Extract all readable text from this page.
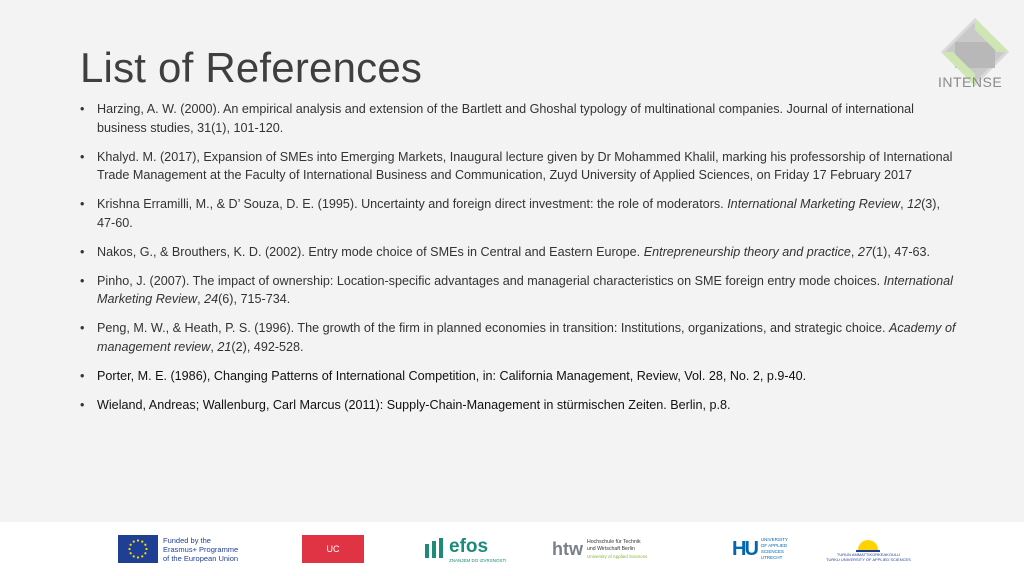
List of References	INTENSE
• Harzing, A. W. (2000). An empirical analysis and extension of the Bartlett and Ghoshal typology of multinational companies. Journal of international business studies, 31(1), 101-120.
• Khalyd. M. (2017), Expansion of SMEs into Emerging Markets, Inaugural lecture given by Dr Mohammed Khalil, marking his professorship of International Trade Management at the Faculty of International Business and Communication, Zuyd University of Applied Sciences, on Friday 17 February 2017
• Krishna Erramilli, M., & D’ Souza, D. E. (1995). Uncertainty and foreign direct investment: the role of moderators. International Marketing Review, 12(3), 47-60.
• Nakos, G., & Brouthers, K. D. (2002). Entry mode choice of SMEs in Central and Eastern Europe. Entrepreneurship theory and practice, 27(1), 47-63.
• Pinho, J. (2007). The impact of ownership: Location-specific advantages and managerial characteristics on SME foreign entry mode choices. International Marketing Review, 24(6), 715-734.
• Peng, M. W., & Heath, P. S. (1996). The growth of the firm in planned economies in transition: Institutions, organizations, and strategic choice. Academy of management review, 21(2), 492-528.
• Porter, M. E. (1986), Changing Patterns of International Competition, in: California Management, Review, Vol. 28, No. 2, p.9-40.
• Wieland, Andreas; Wallenburg, Carl Marcus (2011): Supply-Chain-Management in stürmischen Zeiten. Berlin, p.8.
Funded by the
Erasmus+ Programme
of the European Union
UC	efos
ZNANJEM DO IZVRSNOSTI
htw Hochschule für Technik
und Wirtschaft Berlin
University of Applied Sciences	HU UNIVERSITY
OF APPLIED
SCIENCES
UTRECHT
TURUN AMMATTIKORKEAKOULU
TURKU UNIVERSITY OF APPLIED SCIENCES
